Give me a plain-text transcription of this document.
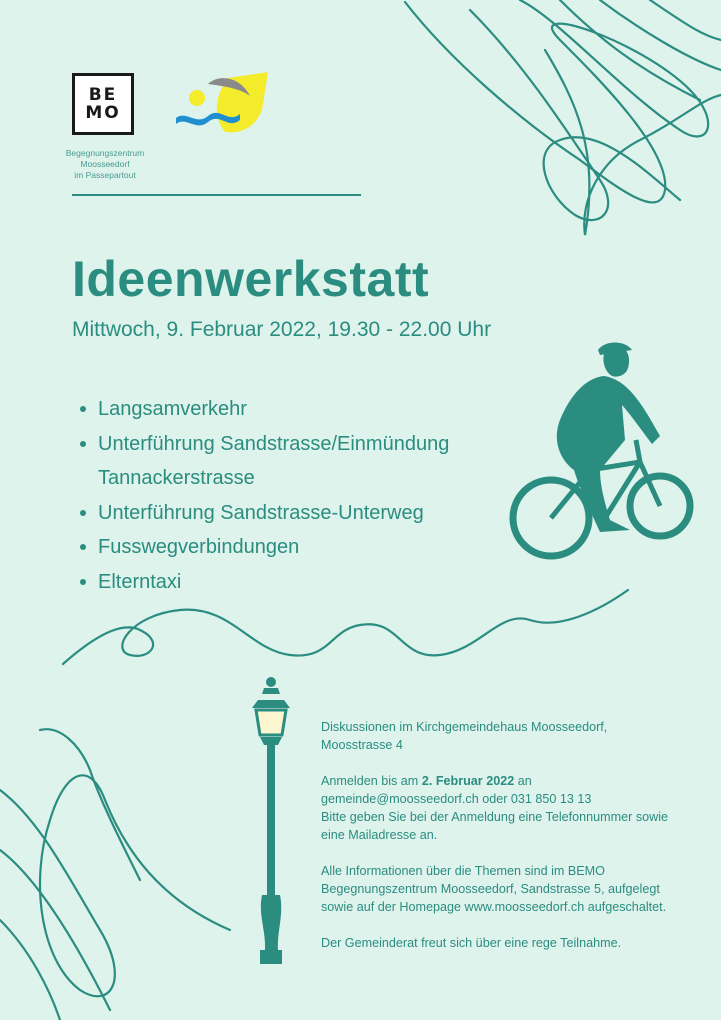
BE
MO
Begegnungszentrum
Moosseedorf
im Passepartout
Ideenwerkstatt
Mittwoch, 9. Februar 2022, 19.30 - 22.00 Uhr
Langsamverkehr
Unterführung Sandstrasse/Einmündung Tannackerstrasse
Unterführung Sandstrasse-Unterweg
Fusswegverbindungen
Elterntaxi

Diskussionen im Kirchgemeindehaus Moosseedorf,
Moosstrasse 4

Anmelden bis am 2. Februar 2022 an
gemeinde@moosseedorf.ch oder 031 850 13 13
Bitte geben Sie bei der Anmeldung eine Telefonnummer sowie eine Mailadresse an.

Alle Informationen über die Themen sind im BEMO Begegnungszentrum Moosseedorf, Sandstrasse 5, aufgelegt sowie auf der Homepage www.moosseedorf.ch aufgeschaltet.

Der Gemeinderat freut sich über eine rege Teilnahme.
